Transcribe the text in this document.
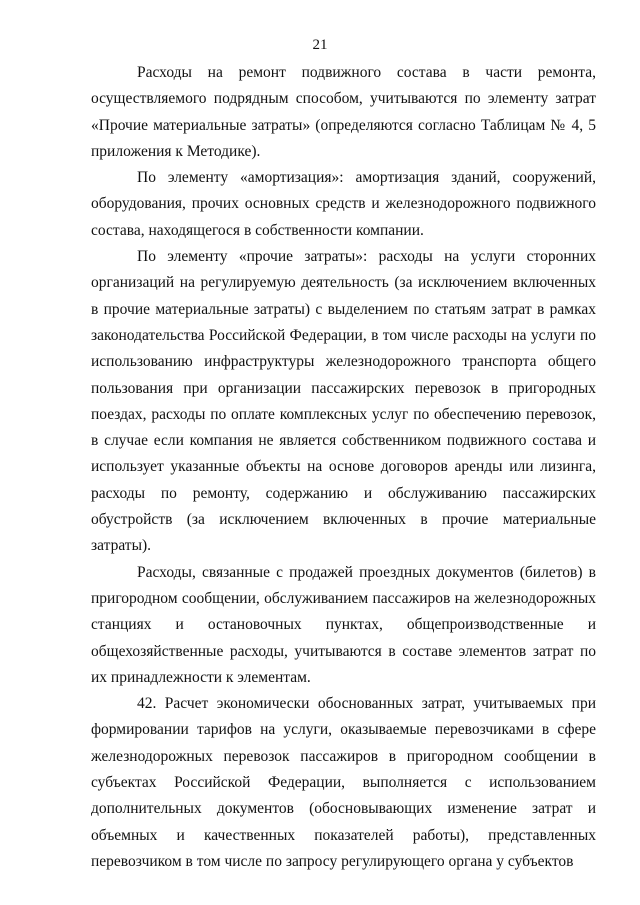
21

Расходы на ремонт подвижного состава в части ремонта, осуществляемого подрядным способом, учитываются по элементу затрат «Прочие материальные затраты» (определяются согласно Таблицам № 4, 5 приложения к Методике).

По элементу «амортизация»: амортизация зданий, сооружений, оборудования, прочих основных средств и железнодорожного подвижного состава, находящегося в собственности компании.

По элементу «прочие затраты»: расходы на услуги сторонних организаций на регулируемую деятельность (за исключением включенных в прочие материальные затраты) с выделением по статьям затрат в рамках законодательства Российской Федерации, в том числе расходы на услуги по использованию инфраструктуры железнодорожного транспорта общего пользования при организации пассажирских перевозок в пригородных поездах, расходы по оплате комплексных услуг по обеспечению перевозок, в случае если компания не является собственником подвижного состава и использует указанные объекты на основе договоров аренды или лизинга, расходы по ремонту, содержанию и обслуживанию пассажирских обустройств (за исключением включенных в прочие материальные затраты).

Расходы, связанные с продажей проездных документов (билетов) в пригородном сообщении, обслуживанием пассажиров на железнодорожных станциях и остановочных пунктах, общепроизводственные и общехозяйственные расходы, учитываются в составе элементов затрат по их принадлежности к элементам.

42. Расчет экономически обоснованных затрат, учитываемых при формировании тарифов на услуги, оказываемые перевозчиками в сфере железнодорожных перевозок пассажиров в пригородном сообщении в субъектах Российской Федерации, выполняется с использованием дополнительных документов (обосновывающих изменение затрат и объемных и качественных показателей работы), представленных перевозчиком в том числе по запросу регулирующего органа у субъектов
